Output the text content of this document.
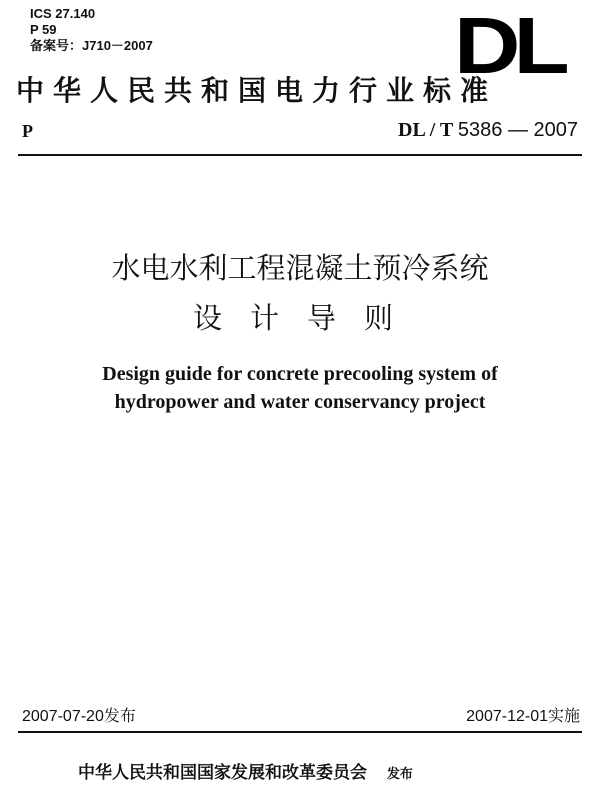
ICS 27.140
P 59
备案号：J710－2007	DL
中华人民共和国电力行业标准
P	DL / T 5386 — 2007
水电水利工程混凝土预冷系统
设计导则
Design guide for concrete precooling system of
hydropower and water conservancy project
2007-07-20发布	2007-12-01实施
中华人民共和国国家发展和改革委员会 发布
